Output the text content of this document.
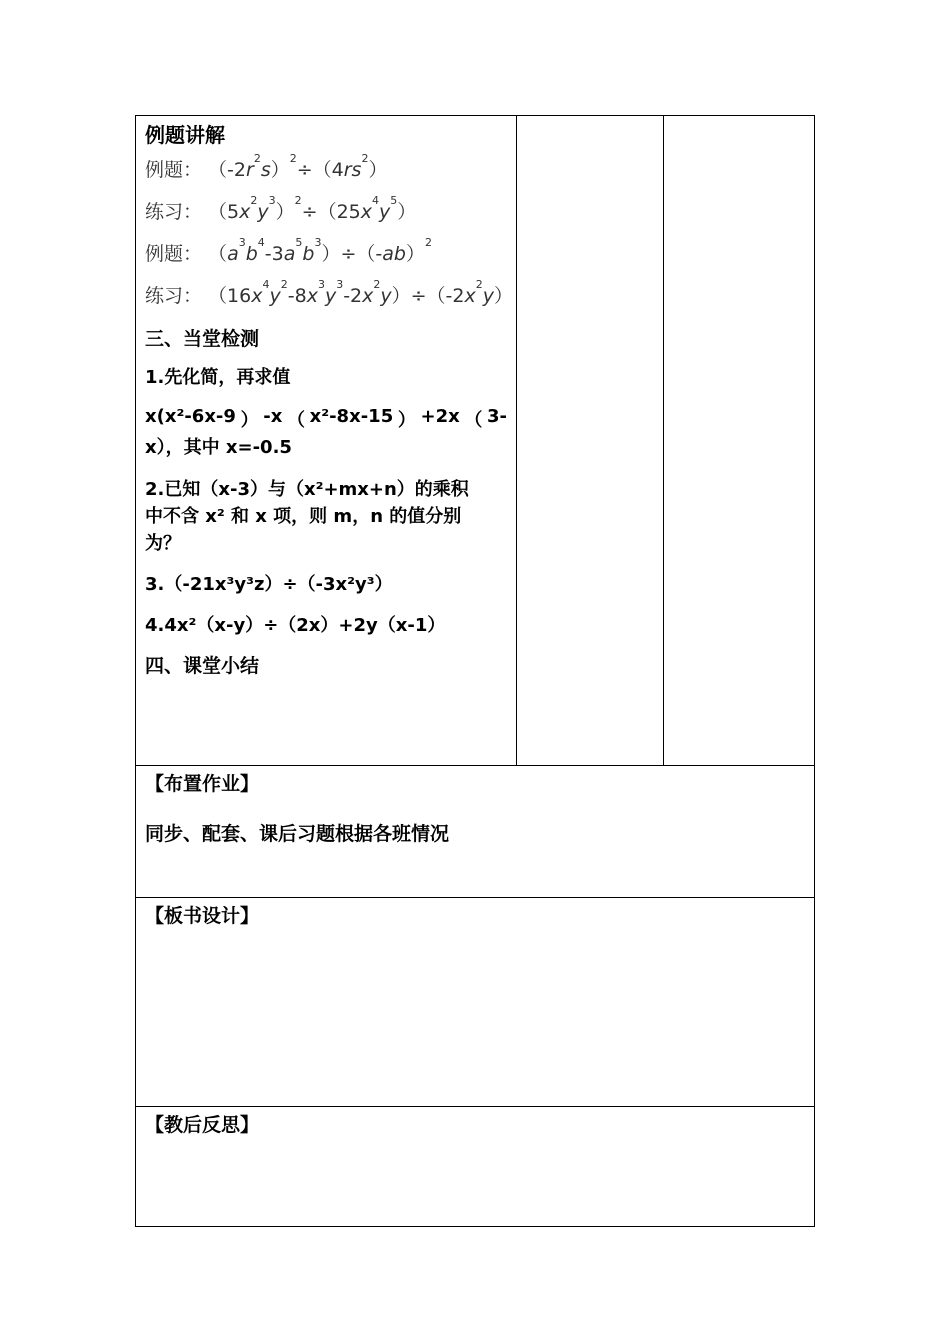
例题讲解
例题： $(-2r^2s)^2\div(4rs^2)$
练习： $(5x^2y^3)^2\div(25x^4y^5)$
例题： $(a^3b^4-3a^5b^3)\div(-ab)^2$
练习： $(16x^4y^2-8x^3y^3-2x^2y)\div(-2x^2y)$
三、当堂检测
1.先化简，再求值
x(x²-6x-9 ） -x （ x²-8x-15 ） +2x （ 3-
x），其中 x=-0.5
2.已知（x-3）与（x²+mx+n）的乘积
中不含 x² 和 x 项，则 m，n 的值分别
为？
3.（-21x³y³z）÷（-3x²y³）
4.4x²（x-y）÷（2x）+2y（x-1）
四、课堂小结
【布置作业】
同步、配套、课后习题根据各班情况
【板书设计】
【教后反思】
